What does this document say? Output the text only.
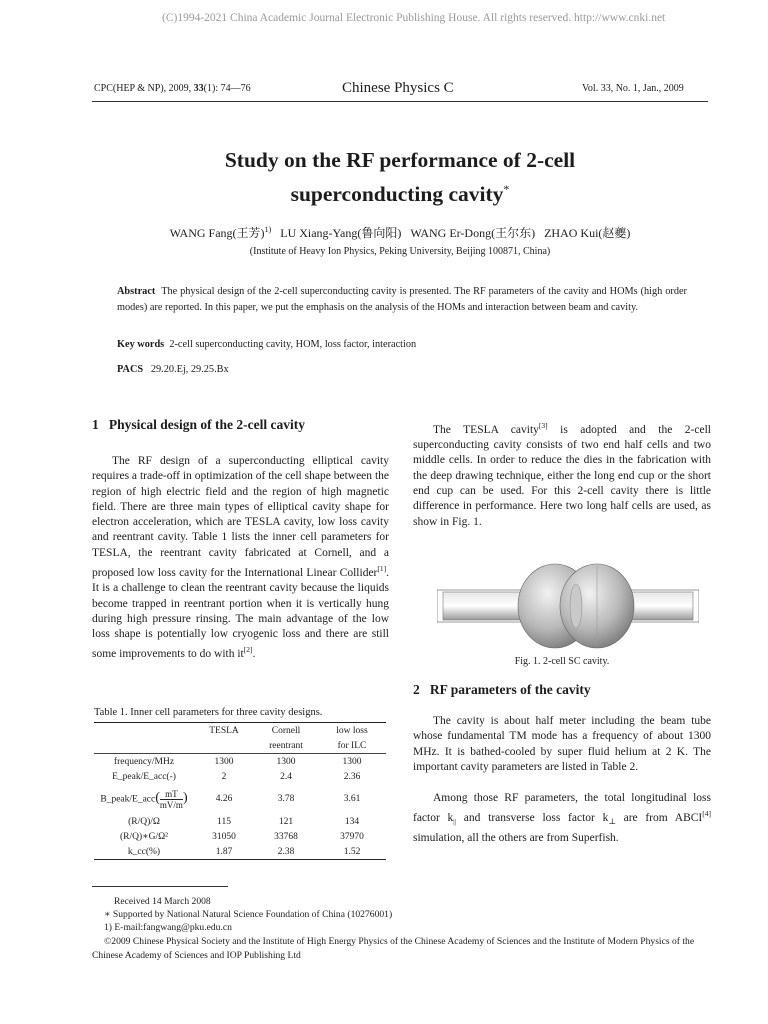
(C)1994-2021 China Academic Journal Electronic Publishing House. All rights reserved. http://www.cnki.net
CPC(HEP & NP), 2009, 33(1): 74—76	Chinese Physics C	Vol. 33, No. 1, Jan., 2009
Study on the RF performance of 2-cell
superconducting cavity*
WANG Fang(王芳)$^{1)}$ LU Xiang-Yang(鲁向阳) WANG Er-Dong(王尔东) ZHAO Kui(赵夔)
(Institute of Heavy Ion Physics, Peking University, Beijing 100871, China)
Abstract The physical design of the 2-cell superconducting cavity is presented. The RF parameters of the cavity and HOMs (high order modes) are reported. In this paper, we put the emphasis on the analysis of the HOMs and interaction between beam and cavity.
Key words 2-cell superconducting cavity, HOM, loss factor, interaction
PACS 29.20.Ej, 29.25.Bx
1 Physical design of the 2-cell cavity
The RF design of a superconducting elliptical cavity requires a trade-off in optimization of the cell shape between the region of high electric field and the region of high magnetic field. There are three main types of elliptical cavity shape for electron acceleration, which are TESLA cavity, low loss cavity and reentrant cavity. Table 1 lists the inner cell parameters for TESLA, the reentrant cavity fabricated at Cornell, and a proposed low loss cavity for the International Linear Collider[1]. It is a challenge to clean the reentrant cavity because the liquids become trapped in reentrant portion when it is vertically hung during high pressure rinsing. The main advantage of the low loss shape is potentially low cryogenic loss and there are still some improvements to do with it[2].
The TESLA cavity[3] is adopted and the 2-cell superconducting cavity consists of two end half cells and two middle cells. In order to reduce the dies in the fabrication with the deep drawing technique, either the long end cup or the short end cup can be used. For this 2-cell cavity there is little difference in performance. Here two long half cells are used, as show in Fig. 1.
Fig. 1. 2-cell SC cavity.
2 RF parameters of the cavity
The cavity is about half meter including the beam tube whose fundamental TM mode has a frequency of about 1300 MHz. It is bathed-cooled by super fluid helium at 2 K. The important cavity parameters are listed in Table 2.
Among those RF parameters, the total longitudinal loss factor $k_{||}$ and transverse loss factor $k_\perp$ are from ABCI[4] simulation, all the others are from Superfish.
Table 1. Inner cell parameters for three cavity designs.
	TESLA	Cornell	low loss
		reentrant	for ILC
frequency/MHz	1300	1300	1300
E_peak/E_acc(-)	2	2.4	2.36
B_peak/E_acc( $\frac{mT}{mV/m}$ )	4.26	3.78	3.61
(R/Q)/Ω	115	121	134
(R/Q)∗G/Ω²	31050	33768	37970
k_cc(%)	1.87	2.38	1.52
Received 14 March 2008
∗ Supported by National Natural Science Foundation of China (10276001)
1) E-mail:fangwang@pku.edu.cn
©2009 Chinese Physical Society and the Institute of High Energy Physics of the Chinese Academy of Sciences and the Institute of Modern Physics of the Chinese Academy of Sciences and IOP Publishing Ltd
